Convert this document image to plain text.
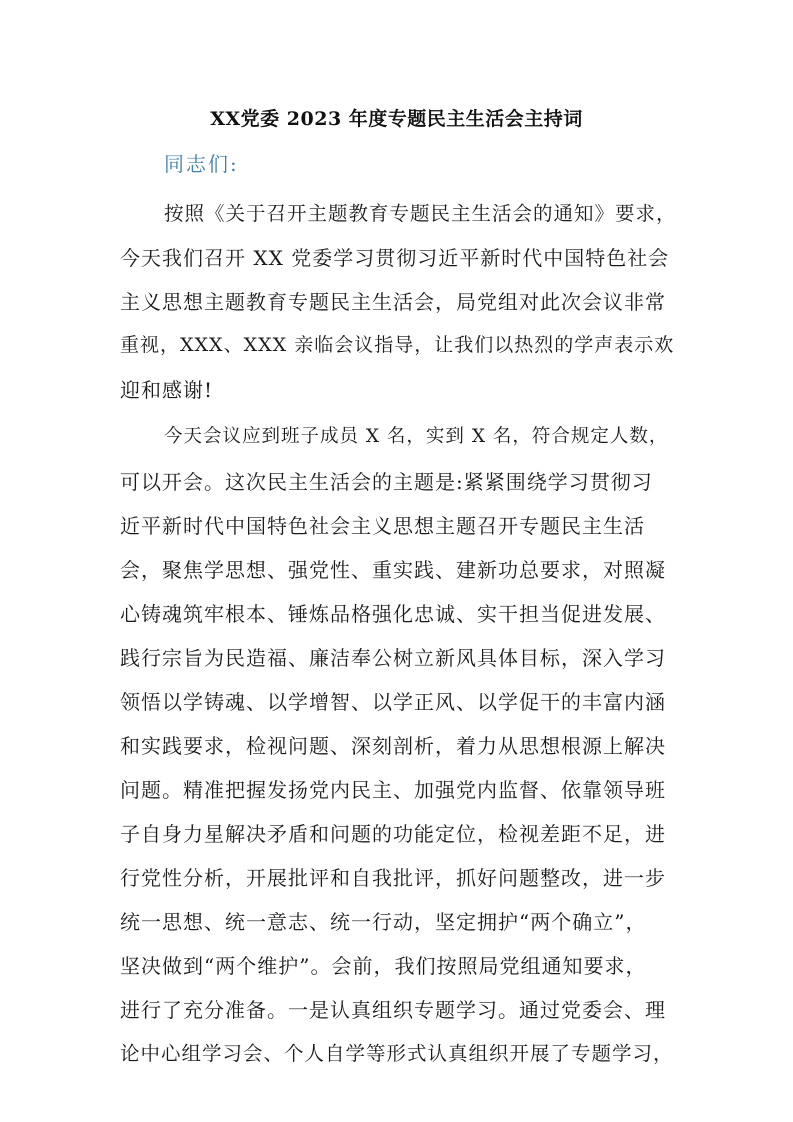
XX党委 2023 年度专题民主生活会主持词
同志们:
按照《关于召开主题教育专题民主生活会的通知》要求，
今天我们召开 XX 党委学习贯彻习近平新时代中国特色社会
主义思想主题教育专题民主生活会，局党组对此次会议非常
重视，XXX、XXX 亲临会议指导，让我们以热烈的学声表示欢
迎和感谢!
今天会议应到班子成员 X 名，实到 X 名，符合规定人数，
可以开会。这次民主生活会的主题是:紧紧围绕学习贯彻习
近平新时代中国特色社会主义思想主题召开专题民主生活
会，聚焦学思想、强党性、重实践、建新功总要求，对照凝
心铸魂筑牢根本、锤炼品格强化忠诚、实干担当促进发展、
践行宗旨为民造福、廉洁奉公树立新风具体目标，深入学习
领悟以学铸魂、以学增智、以学正风、以学促干的丰富内涵
和实践要求，检视问题、深刻剖析，着力从思想根源上解决
问题。精准把握发扬党内民主、加强党内监督、依靠领导班
子自身力星解决矛盾和问题的功能定位，检视差距不足，进
行党性分析，开展批评和自我批评，抓好问题整改，进一步
统一思想、统一意志、统一行动，坚定拥护“两个确立”，
坚决做到“两个维护”。会前，我们按照局党组通知要求，
进行了充分准备。一是认真组织专题学习。通过党委会、理
论中心组学习会、个人自学等形式认真组织开展了专题学习，
